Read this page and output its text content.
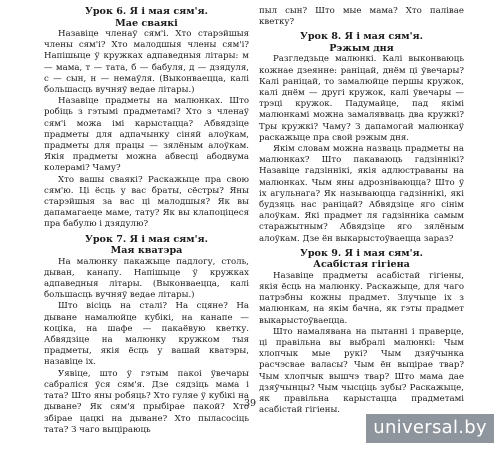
Урок 6. Я і мая сям'я.

Мае сваякі

Назавіце членаў сям'і. Хто старэйшыя члены сям'і? Хто малодшыя члены сям'і? Напішыце ў кружках адпаведныя літары: м — мама, т — тата, б — бабуля, д — дзядуля, с — сын, н — немаўля. (Выконваецца, калі большасць вучняў ведае літары.)

Назавіце прадметы на малюнках. Што робіць з гэтымі прадметамі? Хто з членаў сям'і можа імі карыстацца? Абвядзіце прадметы для адпачынку сіняй алоўкам, прадметы для працы — зялёным алоўкам. Якія прадметы можна абвесці абодвума колерамі? Чаму?

Хто вашы сваякі? Раскажыце пра свою сям'ю. Ці ёсць у вас браты, сёстры? Яны старэйшыя за вас ці малодшыя? Як вы дапамагаеце маме, тату? Як вы клапоціцеся пра бабулю і дзядулю?

Урок 7. Я і мая сям'я.

Мая кватэра

На малюнку пакажыце падлогу, столь, дыван, канапу. Напішыце ў кружках адпаведныя літары. (Выконваецца, калі большасць вучняў ведае літары.)

Што вісіць на сталі? На сцяне? На дыване намалюйце кубікі, на канапе — коціка, на шафе — пакаёвую кветку. Абвядзіце на малюнку кружком тыя прадметы, якія ёсць у вашай кватэры, назавіце іх.

Уявіце, што ў гэтым пакоі ўвечары сабраліся ўся сям'я. Дзе сядзіць мама і тата? Што яны робяць? Хто гуляе ў кубікі на дыване? Як сям'я прыбірае пакой? Хто збірае цацкі на дыване? Хто пыласосіць тата? З чаго выціраюць

пыл сын? Што мые мама? Хто паліваe кветку?

Урок 8. Я і мая сям'я.

Рэжым дня

Разгледзьце малюнкі. Калі выконваюць кожнае дзеянне: раніцай, днём ці ўвечары? Калі раніцай, то замалюйце першы кружок, калі днём — другі кружок, калі ўвечары — трэці кружок. Падумайце, пад якімі малюнкамі можна замалявваць два кружкі? Тры кружкі? Чаму? З дапамогай малюнкаў раскажыце пра свой рэжым дня.

Якім словам можна назваць прадметы на малюнках? Што пакаваюць гадзіннікі? Назавіце гадзіннікі, якія адлюстраваны на малюнках. Чым яны адрозніваюцца? Што ў іх агульнага? Як называюцца гадзіннікі, які будзяць нас раніцай? Абвядзіце яго сінім алоўкам. Які прадмет ля гадзінніка самым старажытным? Абвядзіце яго зялёным алоўкам. Дзе ён выкарыстоўваецца зараз?

Урок 9. Я і мая сям'я.

Асабістая гігіена

Назавіце прадметы асабістай гігіены, якія ёсць на малюнку. Раскажыце, для чаго патрэбны кожны прадмет. Злучыце іх з малюнкам, на якім бачна, як гэты прадмет выкарыстоўваецца.

Што намалявана на пытанні і праверце, ці правільна вы выбралі малюнкі: Чым хлопчык мые рукі? Чым дзяўчынка расчэсвае валасы? Чым ён выцірае твар? Чым хлопчык вышчэ твар? Што мама дае дзяўчынцы? Чым чысціць зубы? Раскажыце, як правільна карыстацца прадметамі асабістай гігіены.

39
universal.by
